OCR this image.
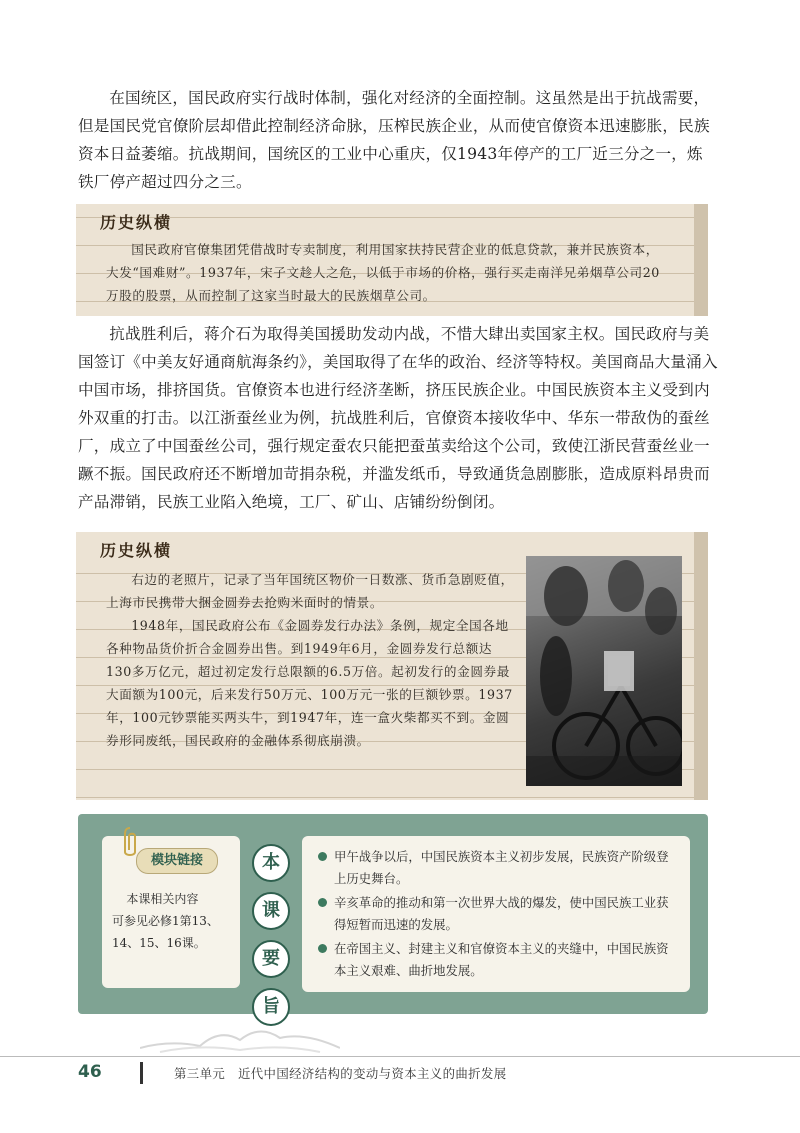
在国统区，国民政府实行战时体制，强化对经济的全面控制。这虽然是出于抗战需要，但是国民党官僚阶层却借此控制经济命脉，压榨民族企业，从而使官僚资本迅速膨胀，民族资本日益萎缩。抗战期间，国统区的工业中心重庆，仅1943年停产的工厂近三分之一，炼铁厂停产超过四分之三。

历史纵横

国民政府官僚集团凭借战时专卖制度，利用国家扶持民营企业的低息贷款，兼并民族资本，大发“国难财”。1937年，宋子文趁人之危，以低于市场的价格，强行买走南洋兄弟烟草公司20万股的股票，从而控制了这家当时最大的民族烟草公司。

抗战胜利后，蒋介石为取得美国援助发动内战，不惜大肆出卖国家主权。国民政府与美国签订《中美友好通商航海条约》，美国取得了在华的政治、经济等特权。美国商品大量涌入中国市场，排挤国货。官僚资本也进行经济垄断，挤压民族企业。中国民族资本主义受到内外双重的打击。以江浙蚕丝业为例，抗战胜利后，官僚资本接收华中、华东一带敌伪的蚕丝厂，成立了中国蚕丝公司，强行规定蚕农只能把蚕茧卖给这个公司，致使江浙民营蚕丝业一蹶不振。国民政府还不断增加苛捐杂税，并滥发纸币，导致通货急剧膨胀，造成原料昂贵而产品滞销，民族工业陷入绝境，工厂、矿山、店铺纷纷倒闭。

历史纵横

右边的老照片，记录了当年国统区物价一日数涨、货币急剧贬值，上海市民携带大捆金圆券去抢购米面时的情景。

1948年，国民政府公布《金圆券发行办法》条例，规定全国各地各种物品货价折合金圆券出售。到1949年6月，金圆券发行总额达130多万亿元，超过初定发行总限额的6.5万倍。起初发行的金圆券最大面额为100元，后来发行50万元、100万元一张的巨额钞票。1937年，100元钞票能买两头牛，到1947年，连一盒火柴都买不到。金圆券形同废纸，国民政府的金融体系彻底崩溃。

模块链接

本课相关内容

可参见必修1第13、14、15、16课。

本
课
要
旨

甲午战争以后，中国民族资本主义初步发展，民族资产阶级登上历史舞台。

辛亥革命的推动和第一次世界大战的爆发，使中国民族工业获得短暂而迅速的发展。

在帝国主义、封建主义和官僚资本主义的夹缝中，中国民族资本主义艰难、曲折地发展。

46	第三单元　近代中国经济结构的变动与资本主义的曲折发展
